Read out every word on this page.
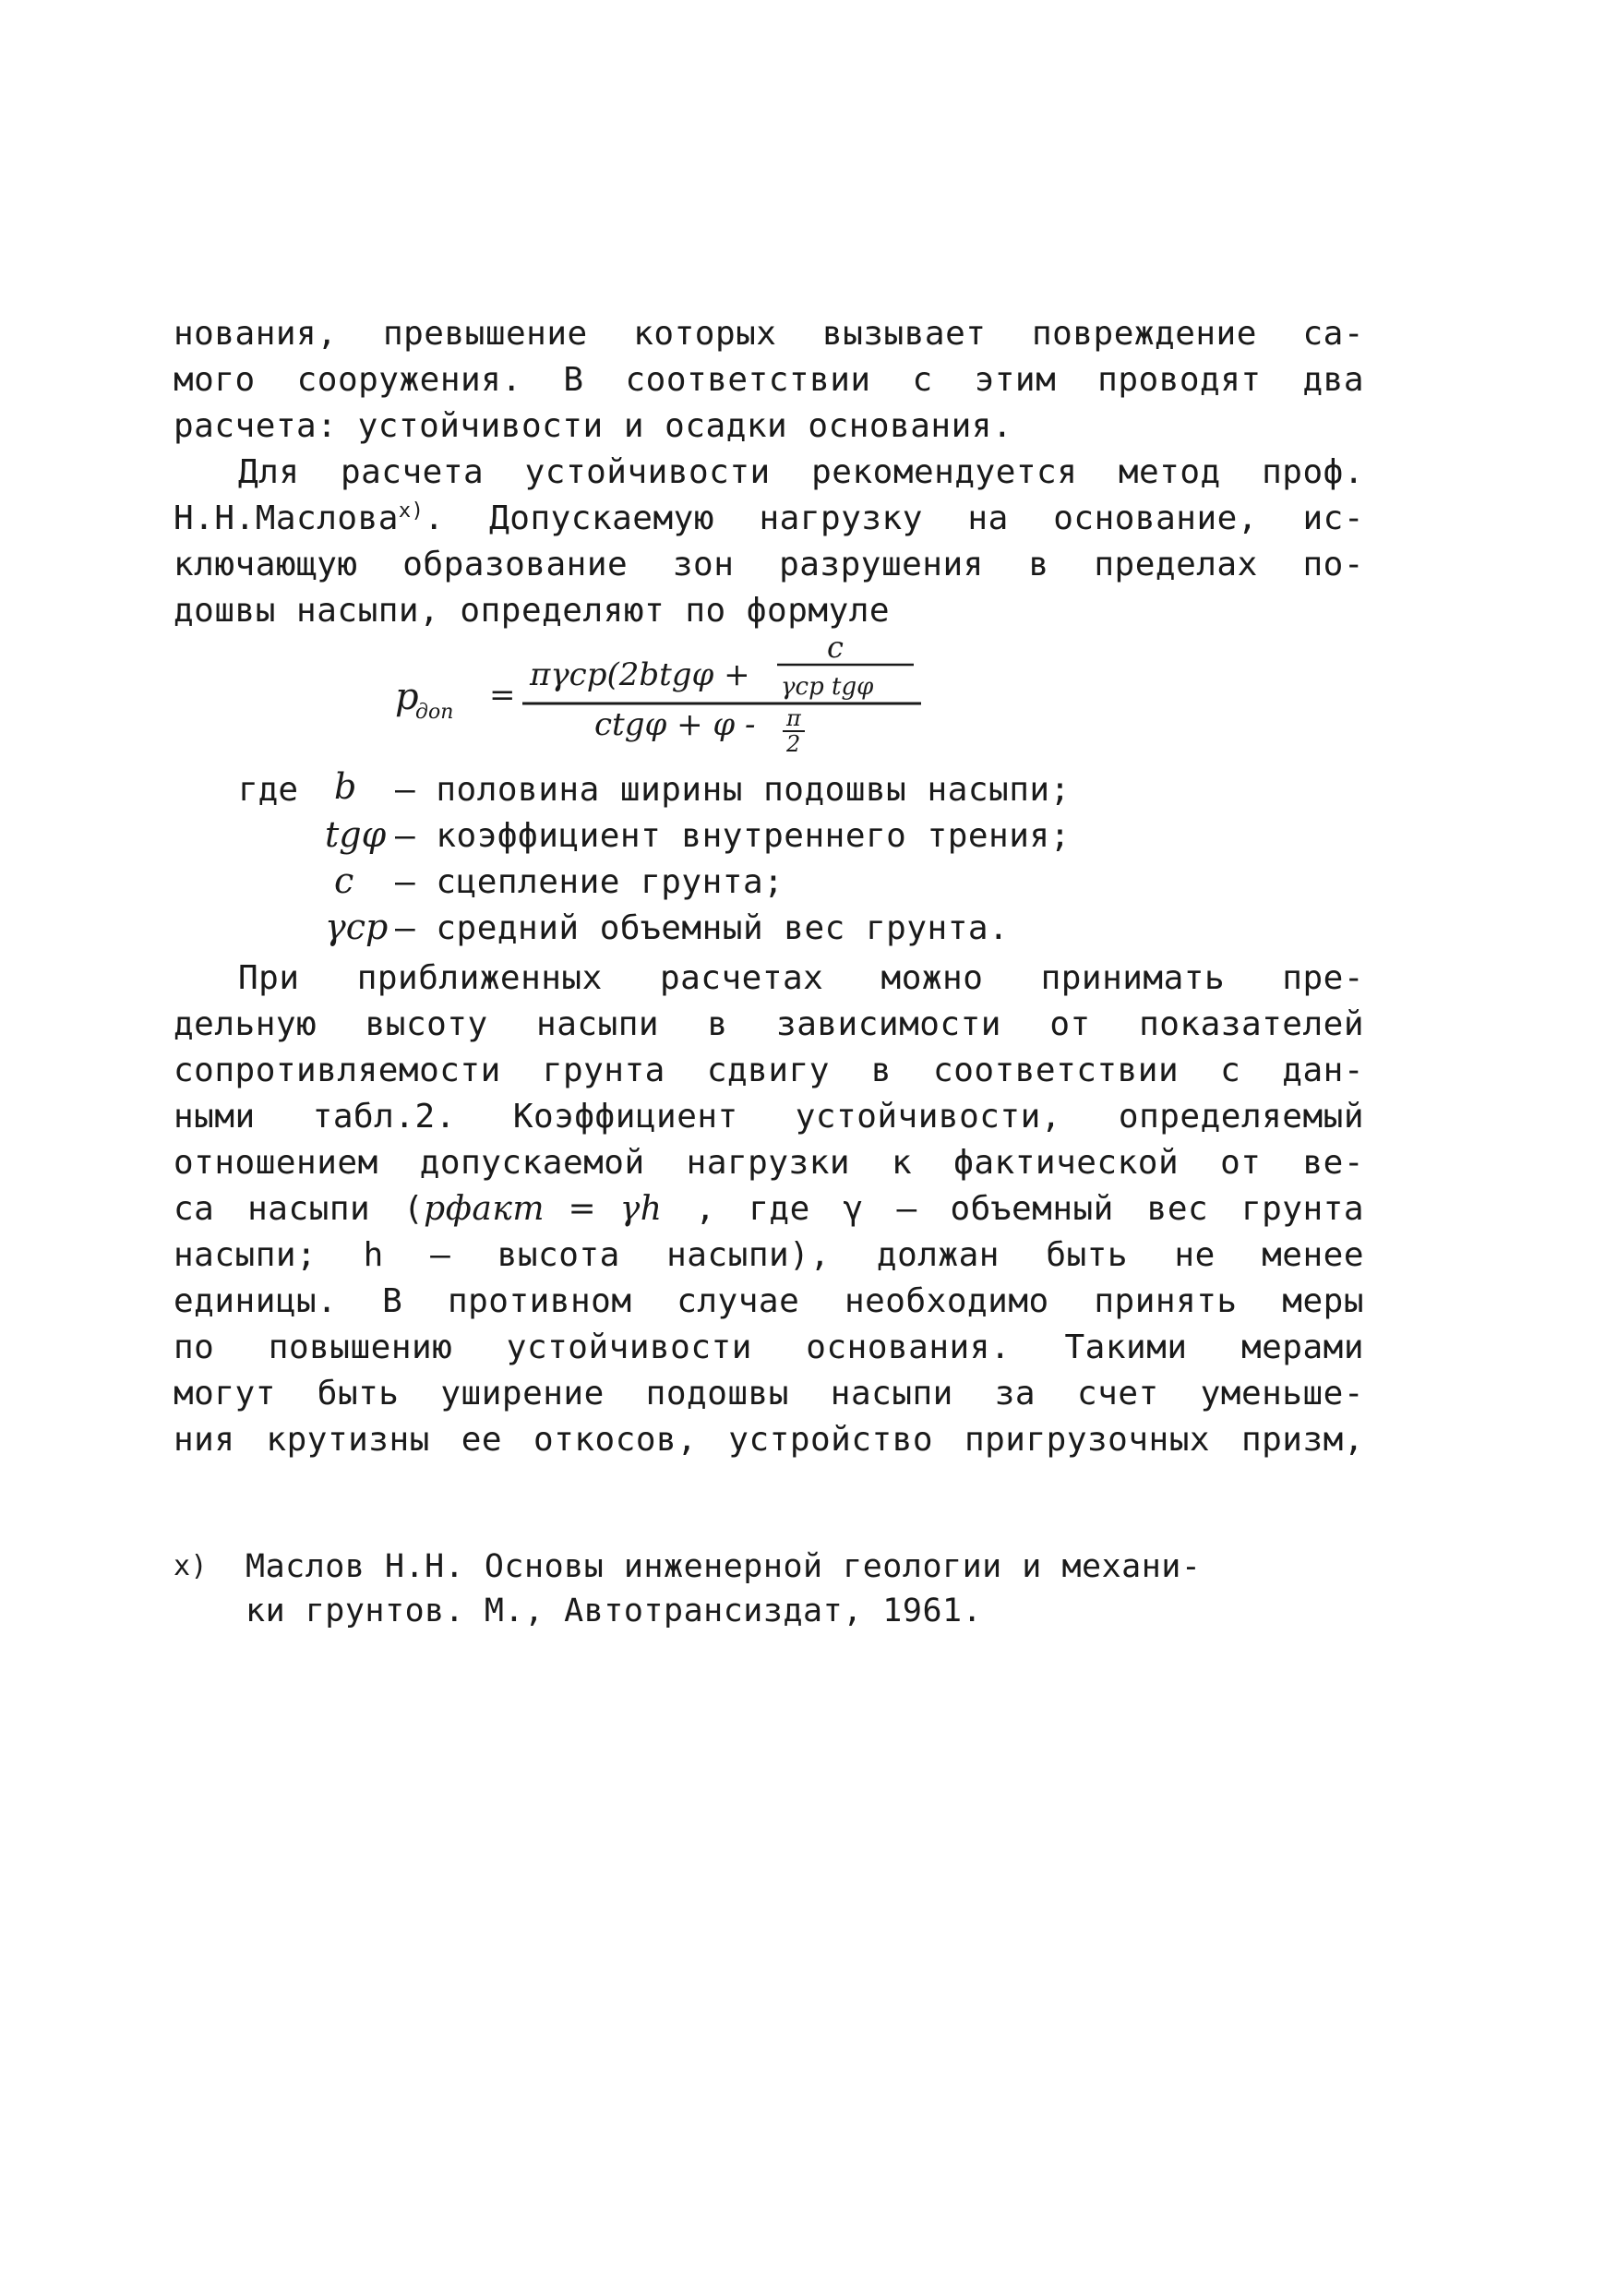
нования, превышение которых вызывает повреждение са-
мого сооружения. В соответствии с этим проводят два
расчета: устойчивости и осадки основания.
Для расчета устойчивости рекомендуется метод проф.
Н.Н.Маслова$^{x)}$. Допускаемую нагрузку на основание, ис-
ключающую образование зон разрушения в пределах по-
дошвы насыпи, определяют по формуле
p
доп =
πγср(2btgφ +
c
γср tgφ
ctgφ + φ - π
2
где b – половина ширины подошвы насыпи;
tgφ – коэффициент внутреннего трения;
c – сцепление грунта;
γср – средний объемный вес грунта.
При приближенных расчетах можно принимать пре-
дельную высоту насыпи в зависимости от показателей
сопротивляемости грунта сдвигу в соответствии с дан-
ными табл.2. Коэффициент устойчивости, определяемый
отношением допускаемой нагрузки к фактической от ве-
са насыпи (pфакт = γh , где γ – объемный вес грунта
насыпи; h – высота насыпи), должан быть не менее
единицы. В противном случае необходимо принять меры
по повышению устойчивости основания. Такими мерами
могут быть уширение подошвы насыпи за счет уменьше-
ния крутизны ее откосов, устройство пригрузочных призм,
x) Маслов Н.Н. Основы инженерной геологии и механи-
ки грунтов. М., Автотрансиздат, 1961.
